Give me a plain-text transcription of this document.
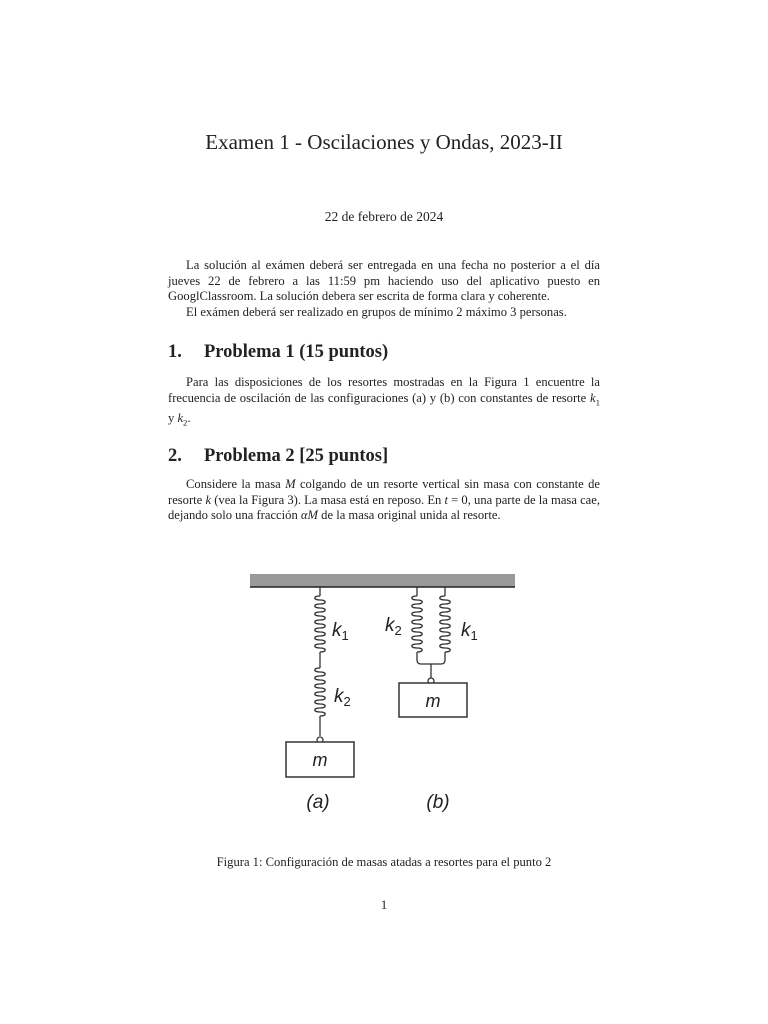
Examen 1 - Oscilaciones y Ondas, 2023-II
22 de febrero de 2024

La solución al exámen deberá ser entregada en una fecha no posterior a el día jueves 22 de febrero a las 11:59 pm haciendo uso del aplicativo puesto en GooglClassroom. La solución debera ser escrita de forma clara y coherente.

El exámen deberá ser realizado en grupos de mínimo 2 máximo 3 personas.

1. Problema 1 (15 puntos)

Para las disposiciones de los resortes mostradas en la Figura 1 encuentre la frecuencia de oscilación de las configuraciones (a) y (b) con constantes de resorte $k_1$ y $k_2$.

2. Problema 2 [25 puntos]

Considere la masa M colgando de un resorte vertical sin masa con constante de resorte k (vea la Figura 3). La masa está en reposo. En t = 0, una parte de la masa cae, dejando solo una fracción αM de la masa original unida al resorte.

Figura 1: Configuración de masas atadas a resortes para el punto 2
1
$k_1$
$k_2$
$k_2$	$k_1$
m
m
(a)	(b)
